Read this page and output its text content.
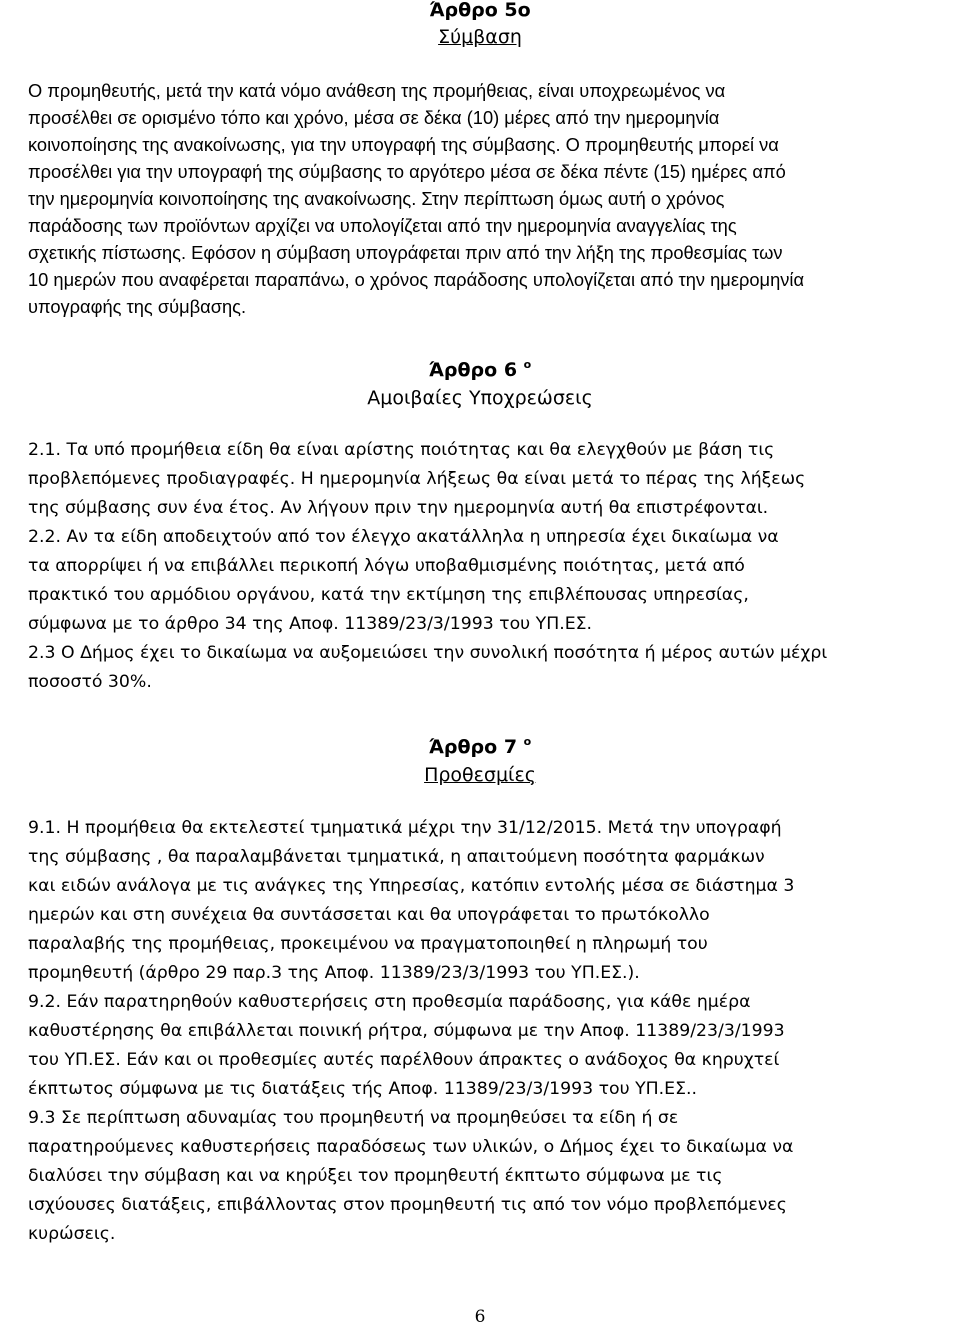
Άρθρο 5ο
Σύμβαση
Ο προμηθευτής, μετά την κατά νόμο ανάθεση της προμήθειας, είναι υποχρεωμένος να
προσέλθει σε ορισμένο τόπο και χρόνο, μέσα σε δέκα (10) μέρες από την ημερομηνία
κοινοποίησης της ανακοίνωσης, για την υπογραφή της σύμβασης. Ο προμηθευτής μπορεί να
προσέλθει για την υπογραφή της σύμβασης το αργότερο μέσα σε δέκα πέντε (15) ημέρες από
την ημερομηνία κοινοποίησης της ανακοίνωσης. Στην περίπτωση όμως αυτή ο χρόνος
παράδοσης των προϊόντων αρχίζει να υπολογίζεται από την ημερομηνία αναγγελίας της
σχετικής πίστωσης. Εφόσον η σύμβαση υπογράφεται πριν από την λήξη της προθεσμίας των
10 ημερών που αναφέρεται παραπάνω, ο χρόνος παράδοσης υπολογίζεται από την ημερομηνία
υπογραφής της σύμβασης.
Άρθρο 6 $^o$
Αμοιβαίες Υποχρεώσεις
2.1. Τα υπό προμήθεια είδη θα είναι αρίστης ποιότητας και θα ελεγχθούν με βάση τις
προβλεπόμενες προδιαγραφές. Η ημερομηνία λήξεως θα είναι μετά το πέρας της λήξεως
της σύμβασης συν ένα έτος. Αν λήγουν πριν την ημερομηνία αυτή θα επιστρέφονται.
2.2. Αν τα είδη αποδειχτούν από τον έλεγχο ακατάλληλα η υπηρεσία έχει δικαίωμα να
τα απορρίψει ή να επιβάλλει περικοπή λόγω υποβαθμισμένης ποιότητας, μετά από
πρακτικό του αρμόδιου οργάνου, κατά την εκτίμηση της επιβλέπουσας υπηρεσίας,
σύμφωνα με το άρθρο 34 της Αποφ. 11389/23/3/1993 του ΥΠ.ΕΣ.
2.3 Ο Δήμος έχει το δικαίωμα να αυξομειώσει την συνολική ποσότητα ή μέρος αυτών μέχρι
ποσοστό 30%.
Άρθρο 7 $^o$
Προθεσμίες
9.1. Η προμήθεια θα εκτελεστεί τμηματικά μέχρι την 31/12/2015. Μετά την υπογραφή
της σύμβασης , θα παραλαμβάνεται τμηματικά, η απαιτούμενη ποσότητα φαρμάκων
και ειδών ανάλογα με τις ανάγκες της Υπηρεσίας, κατόπιν εντολής μέσα σε διάστημα 3
ημερών και στη συνέχεια θα συντάσσεται και θα υπογράφεται το πρωτόκολλο
παραλαβής της προμήθειας, προκειμένου να πραγματοποιηθεί η πληρωμή του
προμηθευτή (άρθρο 29 παρ.3 της Αποφ. 11389/23/3/1993 του ΥΠ.ΕΣ.).
9.2. Εάν παρατηρηθούν καθυστερήσεις στη προθεσμία παράδοσης, για κάθε ημέρα
καθυστέρησης θα επιβάλλεται ποινική ρήτρα, σύμφωνα με την Αποφ. 11389/23/3/1993
του ΥΠ.ΕΣ. Εάν και οι προθεσμίες αυτές παρέλθουν άπρακτες ο ανάδοχος θα κηρυχτεί
έκπτωτος σύμφωνα με τις διατάξεις τής Αποφ. 11389/23/3/1993 του ΥΠ.ΕΣ..
9.3 Σε περίπτωση αδυναμίας του προμηθευτή να προμηθεύσει τα είδη ή σε
παρατηρούμενες καθυστερήσεις παραδόσεως των υλικών, ο Δήμος έχει το δικαίωμα να
διαλύσει την σύμβαση και να κηρύξει τον προμηθευτή έκπτωτο σύμφωνα με τις
ισχύουσες διατάξεις, επιβάλλοντας στον προμηθευτή τις από τον νόμο προβλεπόμενες
κυρώσεις.
6
